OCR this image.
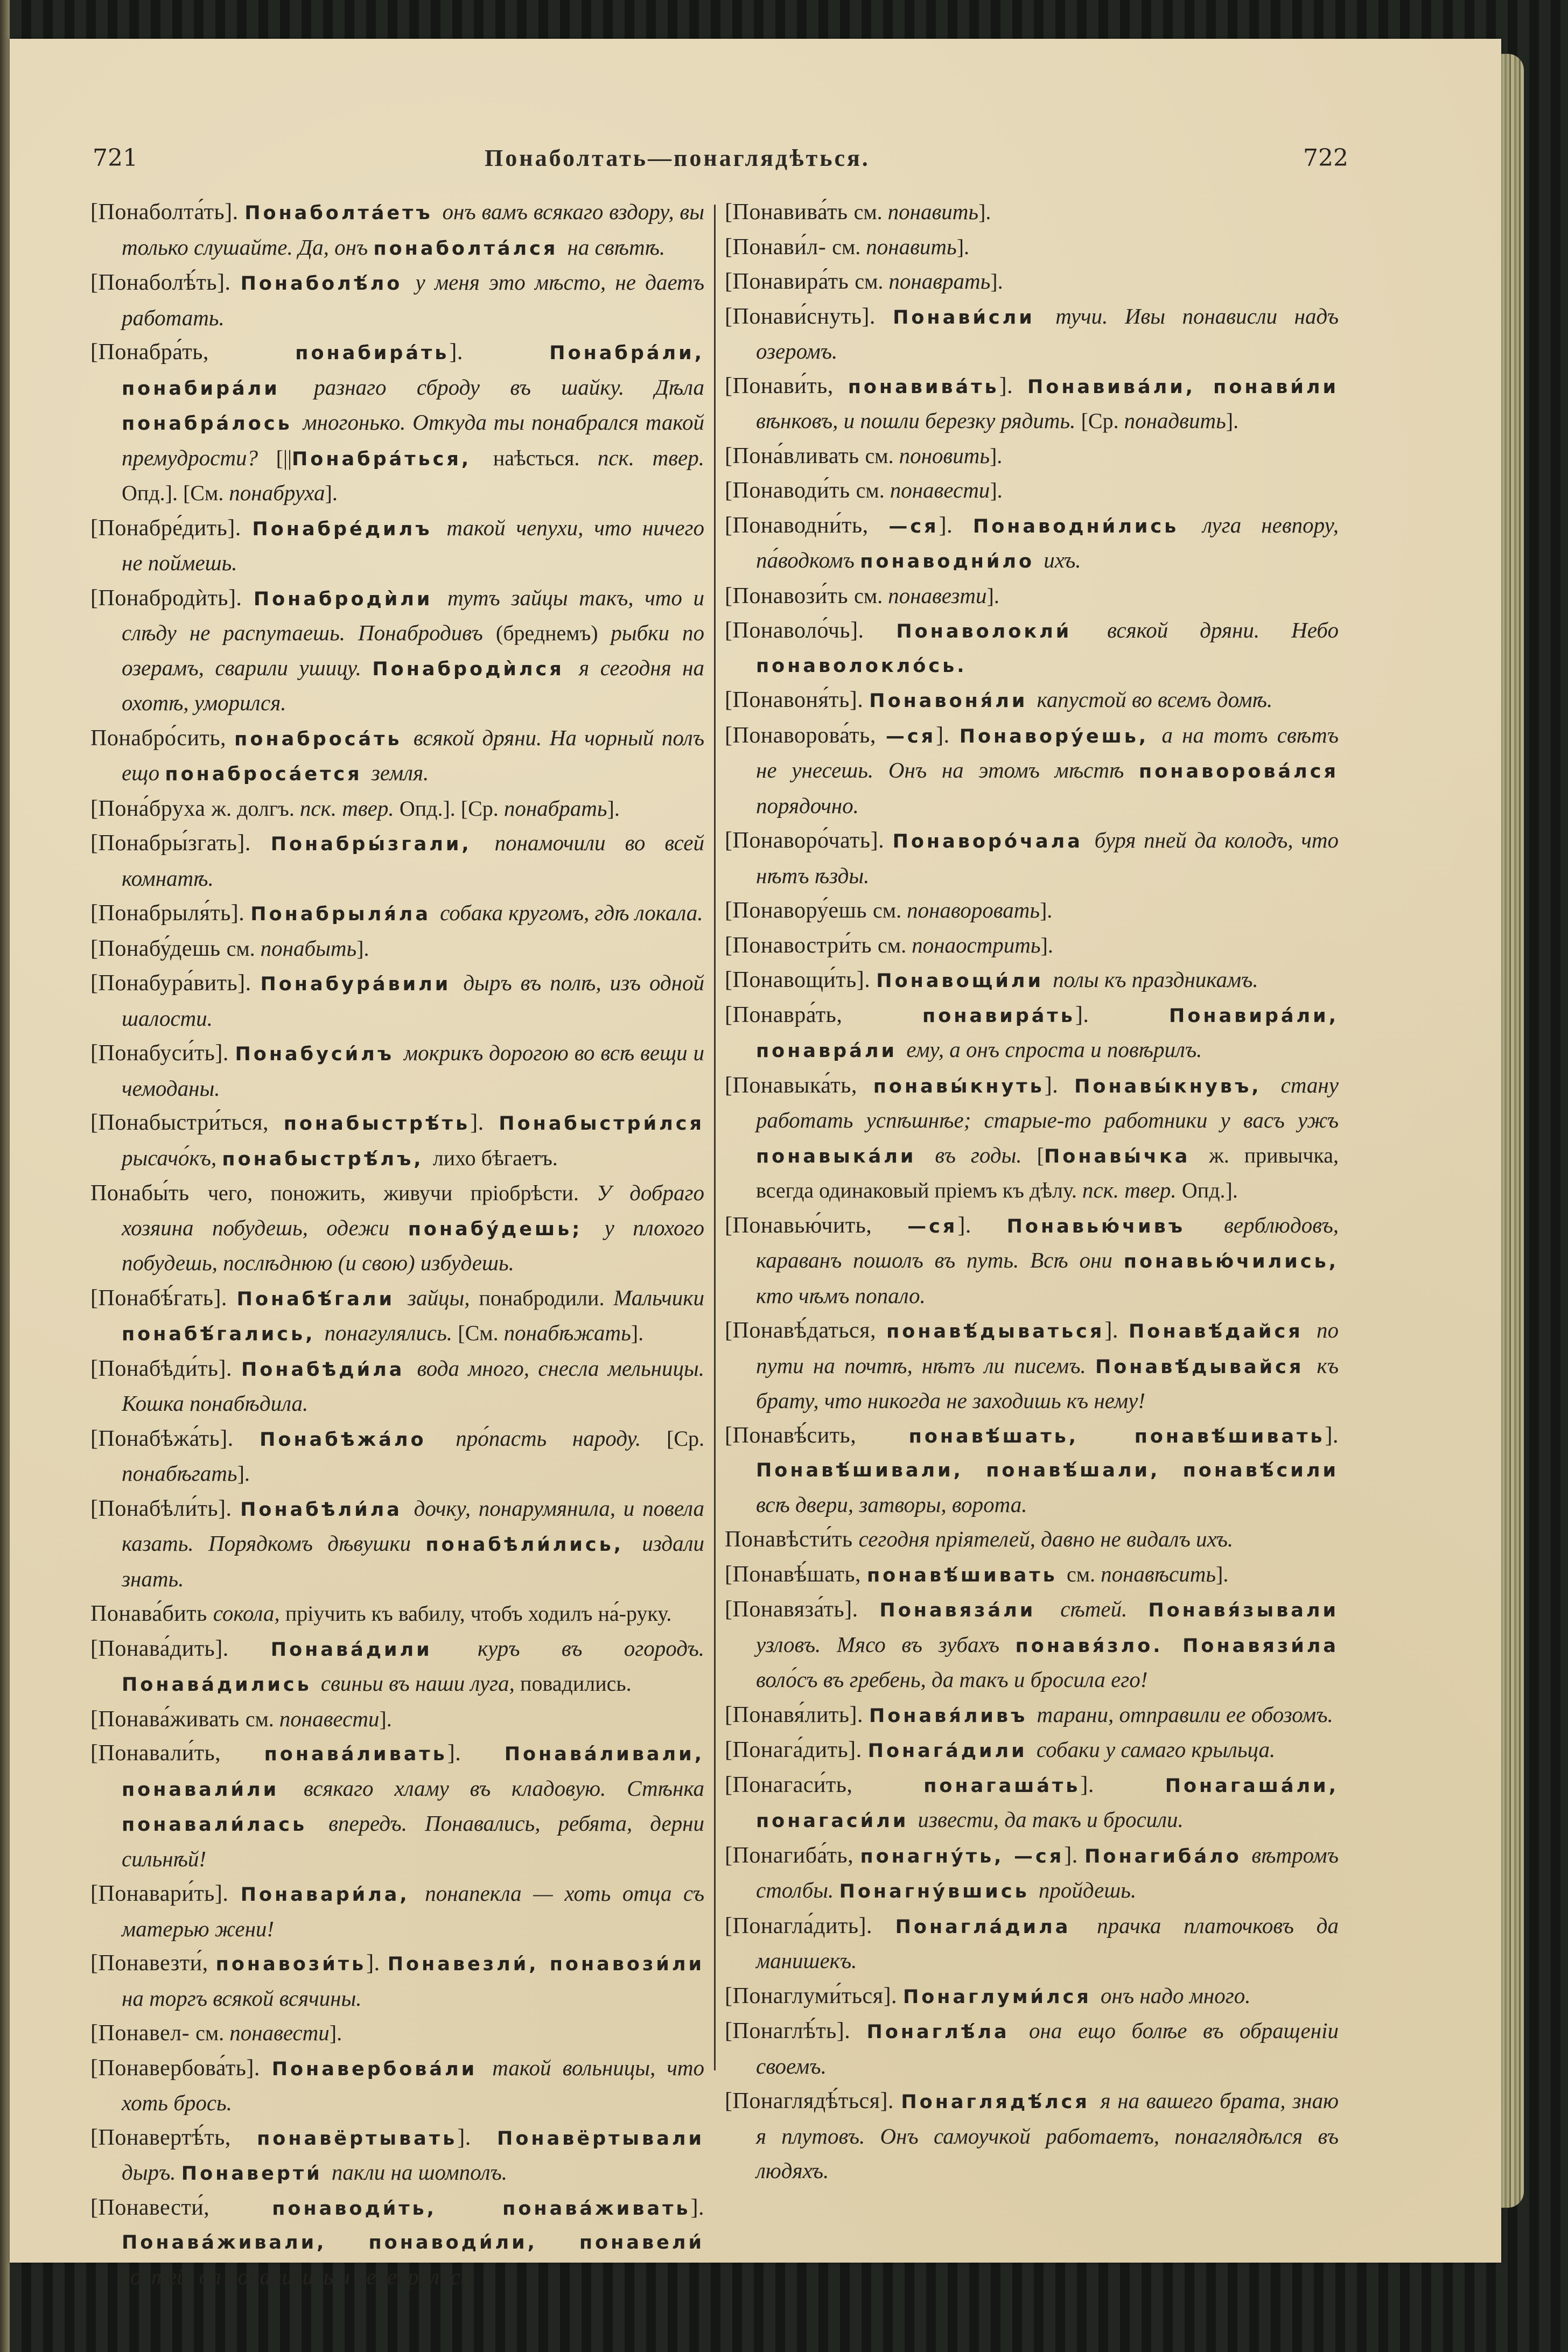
721	Понаболтать—понаглядѣться.	722
[Понаболта́ть]. Понаболта́етъ онъ вамъ всякаго вздору, вы только слушайте. Да, онъ понаболта́лся на свѣтѣ.
[Понаболѣ́ть]. Понаболѣ́ло у меня это мѣсто, не даетъ работать.
[Понабра́ть, понабира́ть]. Понабра́ли, понабира́ли разнаго сброду въ шайку. Дѣла понабра́лось многонько. Откуда ты понабрался такой премудрости? [||Понабра́ться, наѣсться. пск. твер. Опд.]. [См. понабруха].
[Понабре́дить]. Понабре́дилъ такой чепухи, что ничего не поймешь.
[Понабродѝть]. Понабродѝли тутъ зайцы такъ, что и слѣду не распутаешь. Понабродивъ (бреднемъ) рыбки по озерамъ, сварили ушицу. Понабродѝлся я сегодня на охотѣ, уморился.
Понабро́сить, понаброса́ть всякой дряни. На чорный полъ ещо понаброса́ется земля.
[Пона́бруха ж. долгъ. пск. твер. Опд.]. [Ср. понабрать].
[Понабры́згать]. Понабры́згали, понамочили во всей комнатѣ.
[Понабрыля́ть]. Понабрыля́ла собака кругомъ, гдѣ локала.
[Понабу́дешь см. понабыть].
[Понабура́вить]. Понабура́вили дыръ въ полѣ, изъ одной шалости.
[Понабуси́ть]. Понабуси́лъ мокрикъ дорогою во всѣ вещи и чемоданы.
[Понабыстри́ться, понабыстрѣ́ть]. Понабыстри́лся рысачо́къ, понабыстрѣ́лъ, лихо бѣгаетъ.
Понабы́ть чего, поножить, живучи пріобрѣсти. У добраго хозяина побудешь, одежи понабу́дешь; у плохого побудешь, послѣднюю (и свою) избудешь.
[Понабѣ́гать]. Понабѣ́гали зайцы, понабродили. Мальчики понабѣ́гались, понагулялись. [См. понабѣжать].
[Понабѣди́ть]. Понабѣди́ла вода много, снесла мельницы. Кошка понабѣдила.
[Понабѣжа́ть]. Понабѣжа́ло про́пасть народу. [Ср. понабѣгать].
[Понабѣли́ть]. Понабѣли́ла дочку, понарумянила, и повела казать. Порядкомъ дѣвушки понабѣли́лись, издали знать.
Понава́бить сокола, пріучить къ вабилу, чтобъ ходилъ на́-руку.
[Понава́дить]. Понава́дили куръ въ огородъ. Понава́дились свиньи въ наши луга, повадились.
[Понава́живать см. понавести].
[Понавали́ть, понава́ливать]. Понава́ливали, понавали́ли всякаго хламу въ кладовую. Стѣнка понавали́лась впередъ. Понавались, ребята, дерни сильнѣй!
[Понавари́ть]. Понавари́ла, понапекла — хоть отца съ матерью жени!
[Понавезти́, понавози́ть]. Понавезли́, понавози́ли на торгъ всякой всячины.
[Понавел- см. понавести].
[Понавербова́ть]. Понавербова́ли такой вольницы, что хоть брось.
[Понавертѣ́ть, понавёртывать]. Понавёртывали дыръ. Понаверти́ пакли на шомполъ.
[Понавести́, понаводи́ть, понава́живать]. Понава́живали, понаводи́ли, понавели́ гостей, да понапились и передрались.
[Понавива́ть см. понавить].
[Понави́л- см. понавить].
[Понавира́ть см. понаврать].
[Понави́снуть]. Понави́сли тучи. Ивы понависли надъ озеромъ.
[Понави́ть, понавива́ть]. Понавива́ли, понави́ли вѣнковъ, и пошли березку рядить. [Ср. понадвить].
[Пона́вливать см. поновить].
[Понаводи́ть см. понавести].
[Понаводни́ть, —ся]. Понаводни́лись луга невпору, па́водкомъ понаводни́ло ихъ.
[Понавози́ть см. понавезти].
[Понаволо́чь]. Понаволокли́ всякой дряни. Небо понаволокло́сь.
[Понавоня́ть]. Понавоня́ли капустой во всемъ домѣ.
[Понаворова́ть, —ся]. Понавору́ешь, а на тотъ свѣтъ не унесешь. Онъ на этомъ мѣстѣ понаворова́лся порядочно.
[Понаворо́чать]. Понаворо́чала буря пней да колодъ, что нѣтъ ѣзды.
[Понавору́ешь см. понаворовать].
[Понавостри́ть см. понаострить].
[Понавощи́ть]. Понавощи́ли полы къ праздникамъ.
[Понавра́ть, понавира́ть]. Понавира́ли, понавра́ли ему, а онъ спроста и повѣрилъ.
[Понавыка́ть, понавы́кнуть]. Понавы́кнувъ, стану работать успѣшнѣе; старые-то работники у васъ ужъ понавыка́ли въ годы. [Понавы́чка ж. привычка, всегда одинаковый пріемъ къ дѣлу. пск. твер. Опд.].
[Понавью́чить, —ся]. Понавью́чивъ верблюдовъ, караванъ пошолъ въ путь. Всѣ они понавью́чились, кто чѣмъ попало.
[Понавѣ́даться, понавѣ́дываться]. Понавѣ́дайся по пути на почтѣ, нѣтъ ли писемъ. Понавѣ́дывайся къ брату, что никогда не заходишь къ нему!
[Понавѣ́сить, понавѣ́шать, понавѣ́шивать]. Понавѣ́шивали, понавѣ́шали, понавѣ́сили всѣ двери, затворы, ворота.
Понавѣсти́ть сегодня пріятелей, давно не видалъ ихъ.
[Понавѣ́шать, понавѣ́шивать см. понавѣсить].
[Понавяза́ть]. Понавяза́ли сѣтей. Понавя́зывали узловъ. Мясо въ зубахъ понавя́зло. Понавязи́ла воло́съ въ гребень, да такъ и бросила его!
[Понавя́лить]. Понавя́ливъ тарани, отправили ее обозомъ.
[Понага́дить]. Понага́дили собаки у самаго крыльца.
[Понагаси́ть, понагаша́ть]. Понагаша́ли, понагаси́ли извести, да такъ и бросили.
[Понагиба́ть, понагну́ть, —ся]. Понагиба́ло вѣтромъ столбы. Понагну́вшись пройдешь.
[Понагла́дить]. Понагла́дила прачка платочковъ да манишекъ.
[Понаглуми́ться]. Понаглуми́лся онъ надо много.
[Понаглѣ́ть]. Понаглѣ́ла она ещо болѣе въ обращеніи своемъ.
[Понаглядѣ́ться]. Понаглядѣ́лся я на вашего брата, знаю я плутовъ. Онъ самоучкой работаетъ, понаглядѣлся въ людяхъ.
